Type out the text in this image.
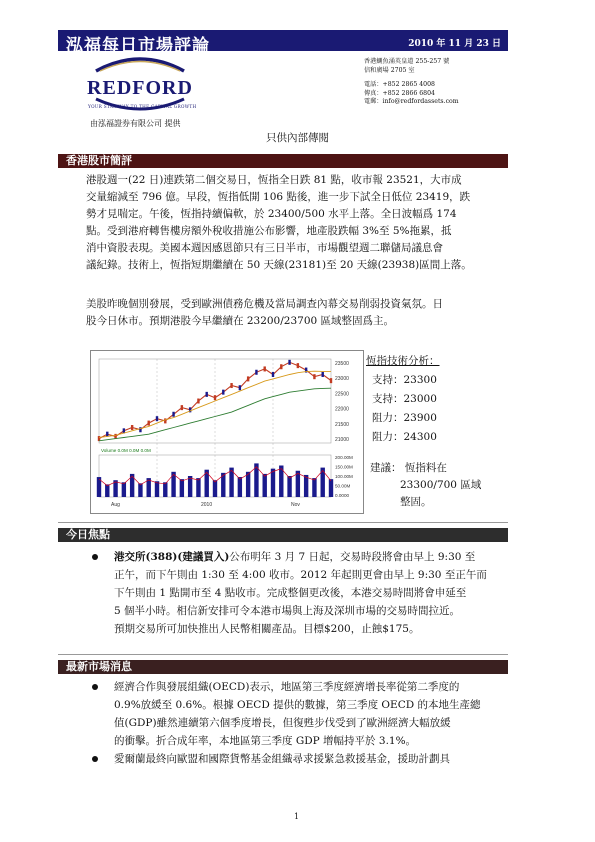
泓福每日市場評論	2010 年 11 月 23 日
REDFORD
YOUR STAIRWAY TO THE CAPITAL GROWTH
由泓福證券有限公司 提供
香港鰂魚涌英皇道 255-257 號
信和廣場 2705 室
電話：+852 2865 4008
傳真：+852 2866 6804
電郵：info@redfordassets.com
只供內部傳閱
香港股市簡評
港股週一(22 日)連跌第二個交易日，恆指全日跌 81 點，收市報 23521，大市成
交量縮減至 796 億。早段，恆指低開 106 點後，進一步下試全日低位 23419，跌
勢才見喘定。午後，恆指持續偏軟，於 23400/500 水平上落。全日波幅爲 174
點。受到港府轉售樓房額外稅收措施公布影響，地產股跌幅 3%至 5%拖累，抵
消中資股表現。美國本週因感恩節只有三日半市，市場觀望週二聯儲局議息會
議紀錄。技術上，恆指短期繼續在 50 天線(23181)至 20 天線(23938)區間上落。
美股昨晚個別發展，受到歐洲債務危機及當局調查內幕交易削弱投資氣氛。日
股今日休市。預期港股今早繼續在 23200/23700 區域整固爲主。
23500
23000
22500
22000
21500
21000
200.00M
150.00M
100.00M
50.00M
0.0000
Aug	2010	Nov
Volume 0.0M 0.0M 0.0M
恆指技術分析：
支持：23300
支持：23000
阻力：23900
阻力：24300
建議： 恆指料在
23300/700 區域
整固。
今日焦點
港交所(388)(建議買入)公布明年 3 月 7 日起，交易時段將會由早上 9:30 至
正午，而下午則由 1:30 至 4:00 收市。2012 年起則更會由早上 9:30 至正午而
下午則由 1 點開市至 4 點收市。完成整個更改後，本港交易時間將會申延至
5 個半小時。相信新安排可令本港市場與上海及深圳市場的交易時間拉近。
預期交易所可加快推出人民幣相關產品。目標$200，止蝕$175。
最新市場消息
經濟合作與發展組織(OECD)表示，地區第三季度經濟增長率從第二季度的
0.9%放緩至 0.6%。根據 OECD 提供的數據，第三季度 OECD 的本地生產總
值(GDP)雖然連續第六個季度增長，但復甦步伐受到了歐洲經濟大幅放緩
的衝擊。折合成年率，本地區第三季度 GDP 增幅持平於 3.1%。
愛爾蘭最終向歐盟和國際貨幣基金組織尋求援緊急救援基金，援助計劃具
1
